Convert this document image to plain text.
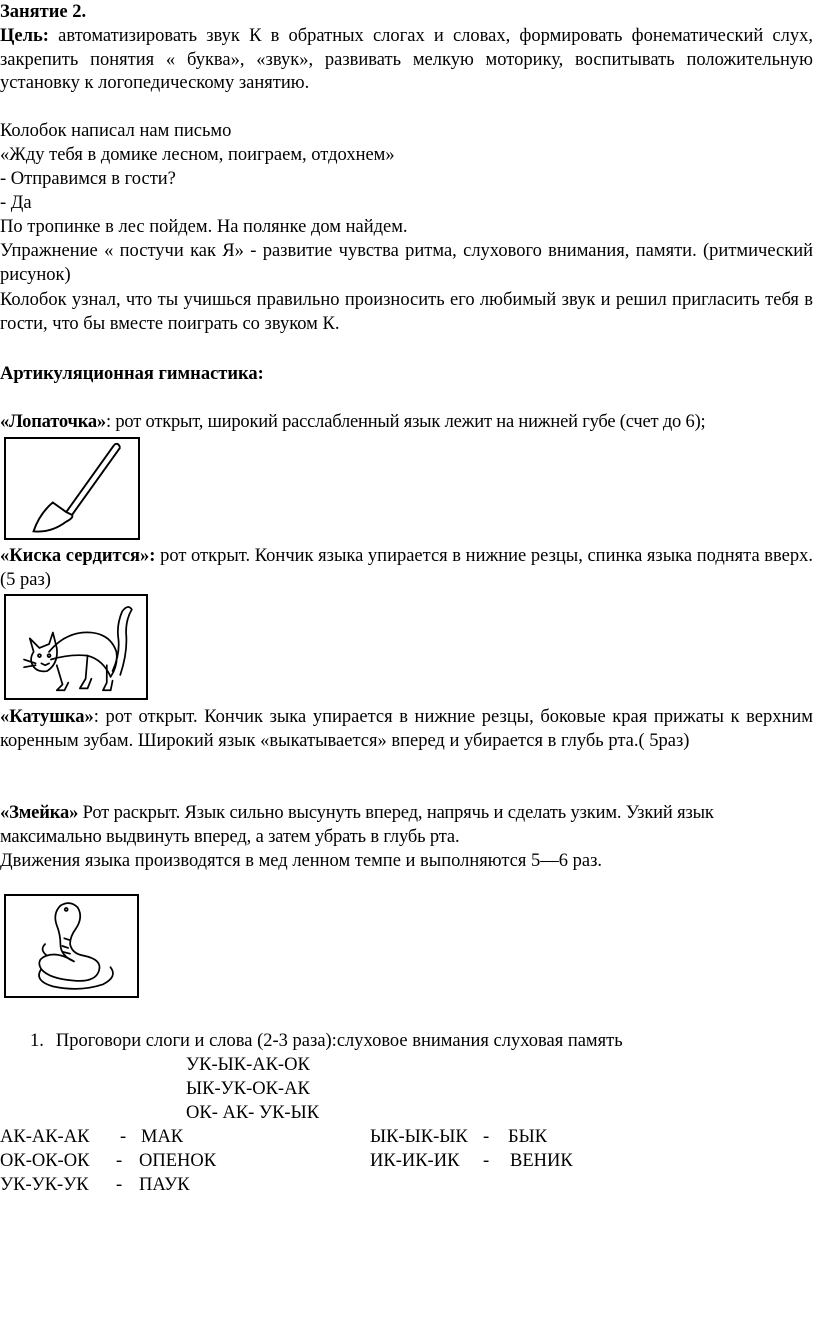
Занятие 2.

Цель: автоматизировать звук К в обратных слогах и словах, формировать фонематический слух, закрепить понятия « буква», «звук», развивать мелкую моторику, воспитывать положительную установку к логопедическому занятию.

Колобок написал нам письмо

«Жду тебя в домике лесном, поиграем, отдохнем»

- Отправимся в гости?

- Да

По тропинке в лес пойдем. На полянке дом найдем.

Упражнение « постучи как Я» - развитие чувства ритма, слухового внимания, памяти. (ритмический рисунок)

Колобок узнал, что ты учишься правильно произносить его любимый звук и решил пригласить тебя в гости, что бы вместе поиграть со звуком К.

Артикуляционная гимнастика:

«Лопаточка»: рот открыт, широкий расслабленный язык лежит на нижней губе (счет до 6);

«Киска сердится»: рот открыт. Кончик языка упирается в нижние резцы, спинка языка поднята вверх. (5 раз)

«Катушка»: рот открыт. Кончик зыка упирается в нижние резцы, боковые края прижаты к верхним коренным зубам. Широкий язык «выкатывается» вперед и убирается в глубь рта.( 5раз)

«Змейка» Рот раскрыт. Язык сильно высунуть вперед, напрячь и сделать узким. Узкий язык максимально выдвинуть вперед, а затем убрать в глубь рта.

Движения языка производятся в мед ленном темпе и выполняются 5—6 раз.

1. Проговори слоги и слова (2-3 раза):слуховое внимания слуховая память

УК-ЫК-АК-ОК

ЫК-УК-ОК-АК

ОК- АК- УК-ЫК

АК-АК-АК

-

МАК

	ЫК-ЫК-ЫК

-

БЫК

ОК-ОК-ОК

-

ОПЕНОК

	ИК-ИК-ИК

-

ВЕНИК

УК-УК-УК

-

ПАУК
